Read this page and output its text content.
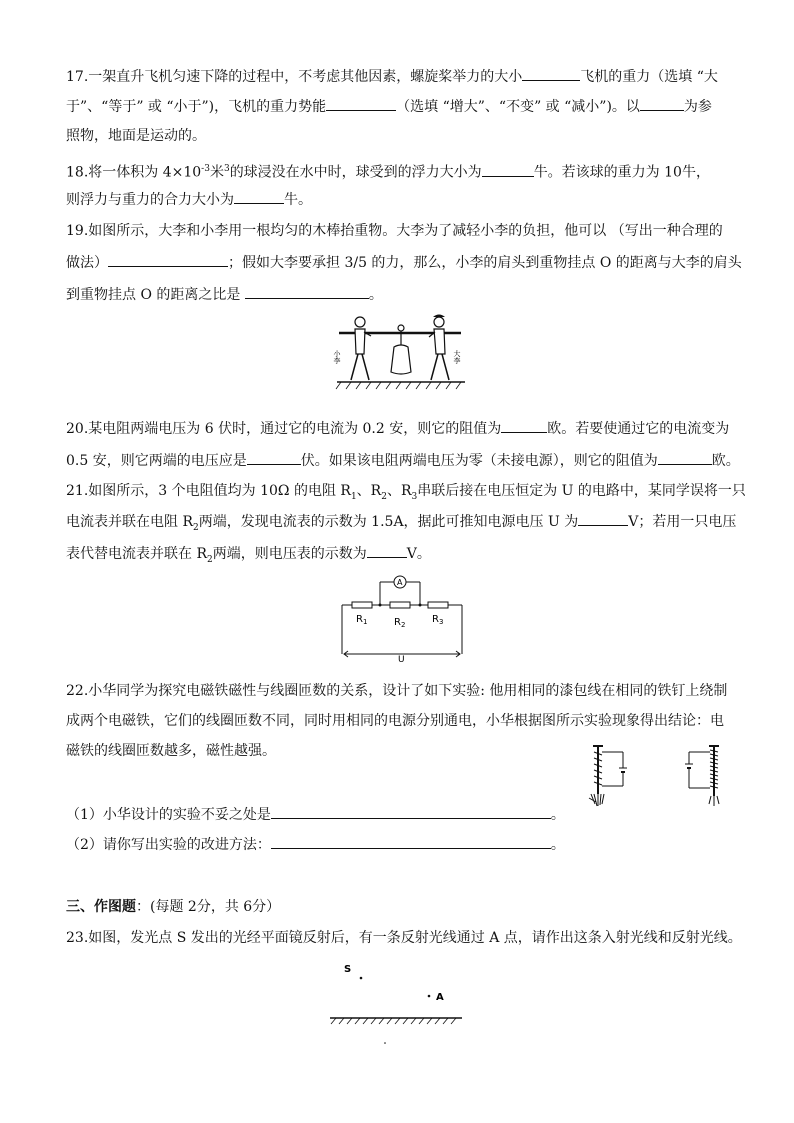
17.一架直升飞机匀速下降的过程中，不考虑其他因素，螺旋桨举力的大小	飞机的重力（选填 “大
于”、“等于” 或 “小于”)，飞机的重力势能	（选填 “增大”、“不变” 或 “减小”)。以	为参
照物，地面是运动的。
18.将一体积为 $4\times 10^{-3}$米$^3$的球浸没在水中时，球受到的浮力大小为	牛。若该球的重力为 10牛，
则浮力与重力的合力大小为	牛。
19.如图所示，大李和小李用一根均匀的木棒抬重物。大李为了减轻小李的负担，他可以 （写出一种合理的
做法）	；假如大李要承担 3/5 的力，那么，小李的肩头到重物挂点 O 的距离与大李的肩头
到重物挂点 O 的距离之比是	。
小李	大李
20.某电阻两端电压为 6 伏时，通过它的电流为 0.2 安，则它的阻值为	欧。若要使通过它的电流变为
0.5 安，则它两端的电压应是	伏。如果该电阻两端电压为零（未接电源），则它的阻值为	欧。
21.如图所示，3 个电阻值均为 10Ω 的电阻 $R_1$、$R_2$、$R_3$串联后接在电压恒定为 U 的电路中，某同学误将一只
电流表并联在电阻 $R_2$两端，发现电流表的示数为 1.5A，据此可推知电源电压 U 为	V；若用一只电压
表代替电流表并联在 $R_2$两端，则电压表的示数为	V。
A
$R_1$	$R_2$	$R_3$
U
22.小华同学为探究电磁铁磁性与线圈匝数的关系，设计了如下实验: 他用相同的漆包线在相同的铁钉上绕制
成两个电磁铁，它们的线圈匝数不同，同时用相同的电源分别通电，小华根据图所示实验现象得出结论：电
磁铁的线圈匝数越多，磁性越强。
（1）小华设计的实验不妥之处是	。
（2）请你写出实验的改进方法：	。
三、作图题：(每题 2分，共 6分）
23.如图，发光点 S 发出的光经平面镜反射后，有一条反射光线通过 A 点，请作出这条入射光线和反射光线。
S
A
